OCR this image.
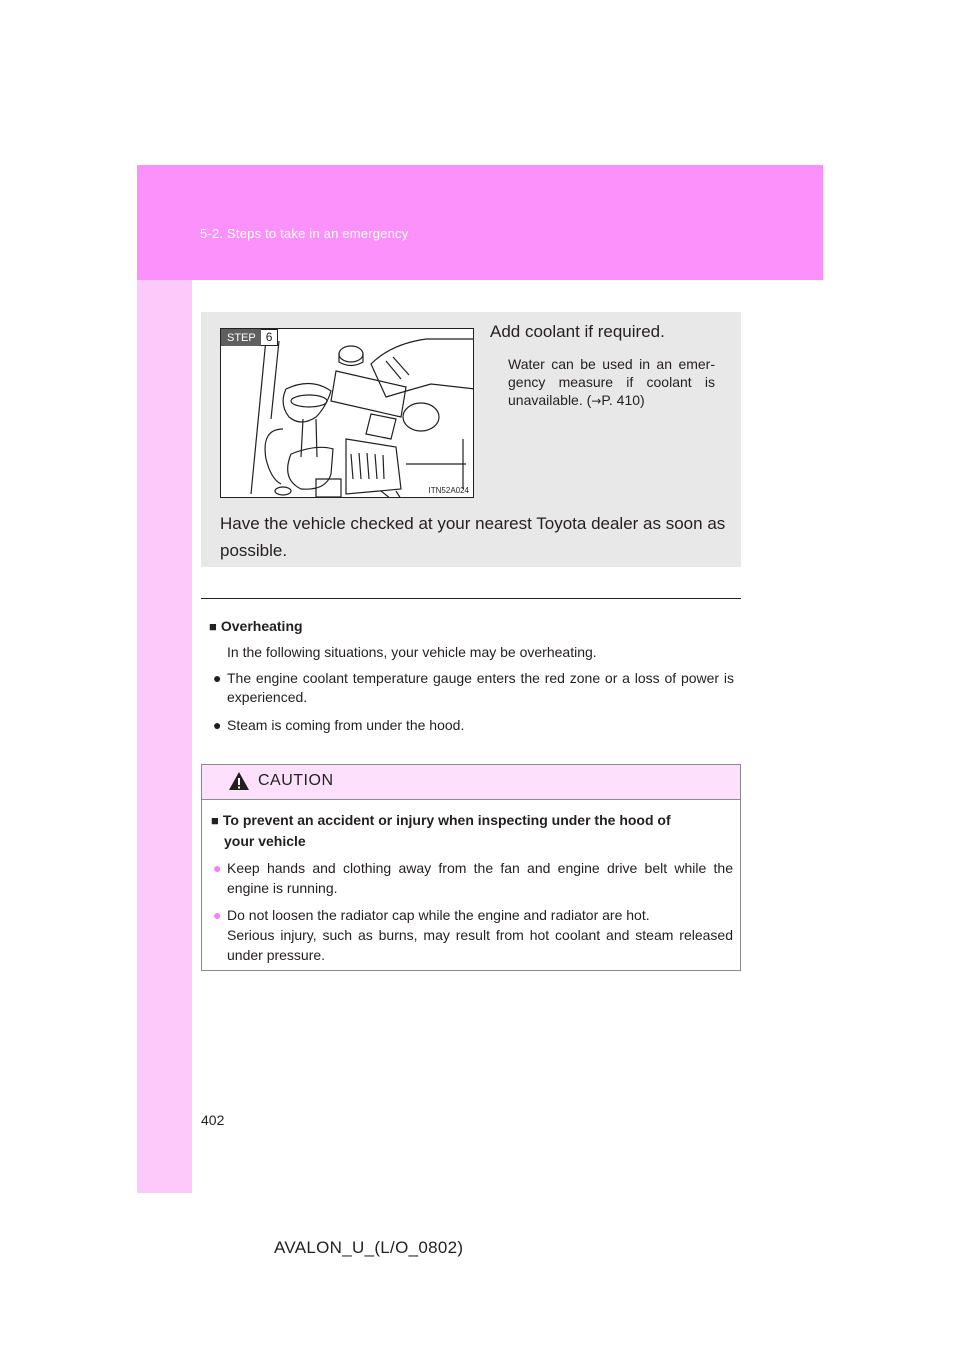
5-2. Steps to take in an emergency
STEP 6
ITN52A024
Add coolant if required.
Water can be used in an emer-gency measure if coolant is unavailable. (→P. 410)
Have the vehicle checked at your nearest Toyota dealer as soon as possible.
■ Overheating
In the following situations, your vehicle may be overheating.
● The engine coolant temperature gauge enters the red zone or a loss of power is experienced.
● Steam is coming from under the hood.
CAUTION
■ To prevent an accident or injury when inspecting under the hood of
your vehicle
● Keep hands and clothing away from the fan and engine drive belt while the engine is running.
● Do not loosen the radiator cap while the engine and radiator are hot.
Serious injury, such as burns, may result from hot coolant and steam released under pressure.
402
AVALON_U_(L/O_0802)
